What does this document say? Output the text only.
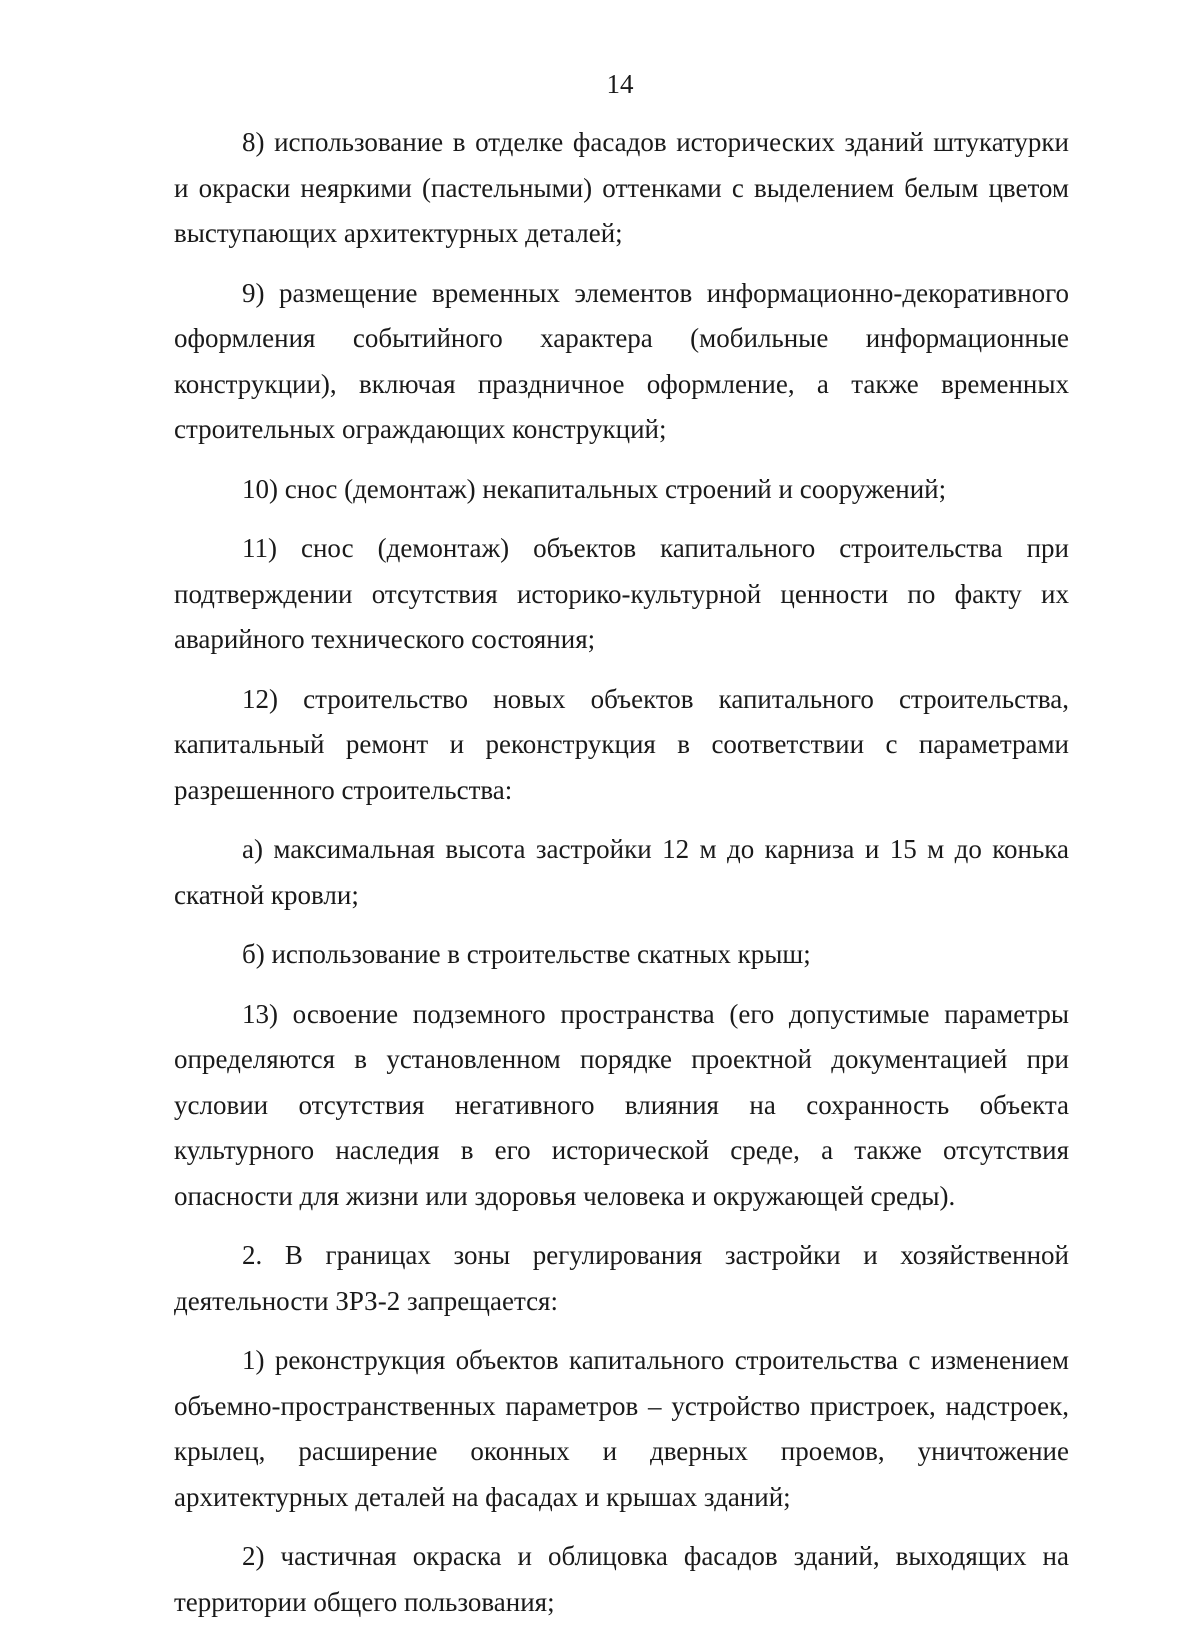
14

8) использование в отделке фасадов исторических зданий штукатурки и окраски неяркими (пастельными) оттенками с выделением белым цветом выступающих архитектурных деталей;

9) размещение временных элементов информационно-декоративного оформления событийного характера (мобильные информационные конструкции), включая праздничное оформление, а также временных строительных ограждающих конструкций;

10) снос (демонтаж) некапитальных строений и сооружений;

11) снос (демонтаж) объектов капитального строительства при подтверждении отсутствия историко-культурной ценности по факту их аварийного технического состояния;

12) строительство новых объектов капитального строительства, капитальный ремонт и реконструкция в соответствии с параметрами разрешенного строительства:

а) максимальная высота застройки 12 м до карниза и 15 м до конька скатной кровли;

б) использование в строительстве скатных крыш;

13) освоение подземного пространства (его допустимые параметры определяются в установленном порядке проектной документацией при условии отсутствия негативного влияния на сохранность объекта культурного наследия в его исторической среде, а также отсутствия опасности для жизни или здоровья человека и окружающей среды).

2. В границах зоны регулирования застройки и хозяйственной деятельности ЗРЗ-2 запрещается:

1) реконструкция объектов капитального строительства с изменением объемно-пространственных параметров – устройство пристроек, надстроек, крылец, расширение оконных и дверных проемов, уничтожение архитектурных деталей на фасадах и крышах зданий;

2) частичная окраска и облицовка фасадов зданий, выходящих на территории общего пользования;
